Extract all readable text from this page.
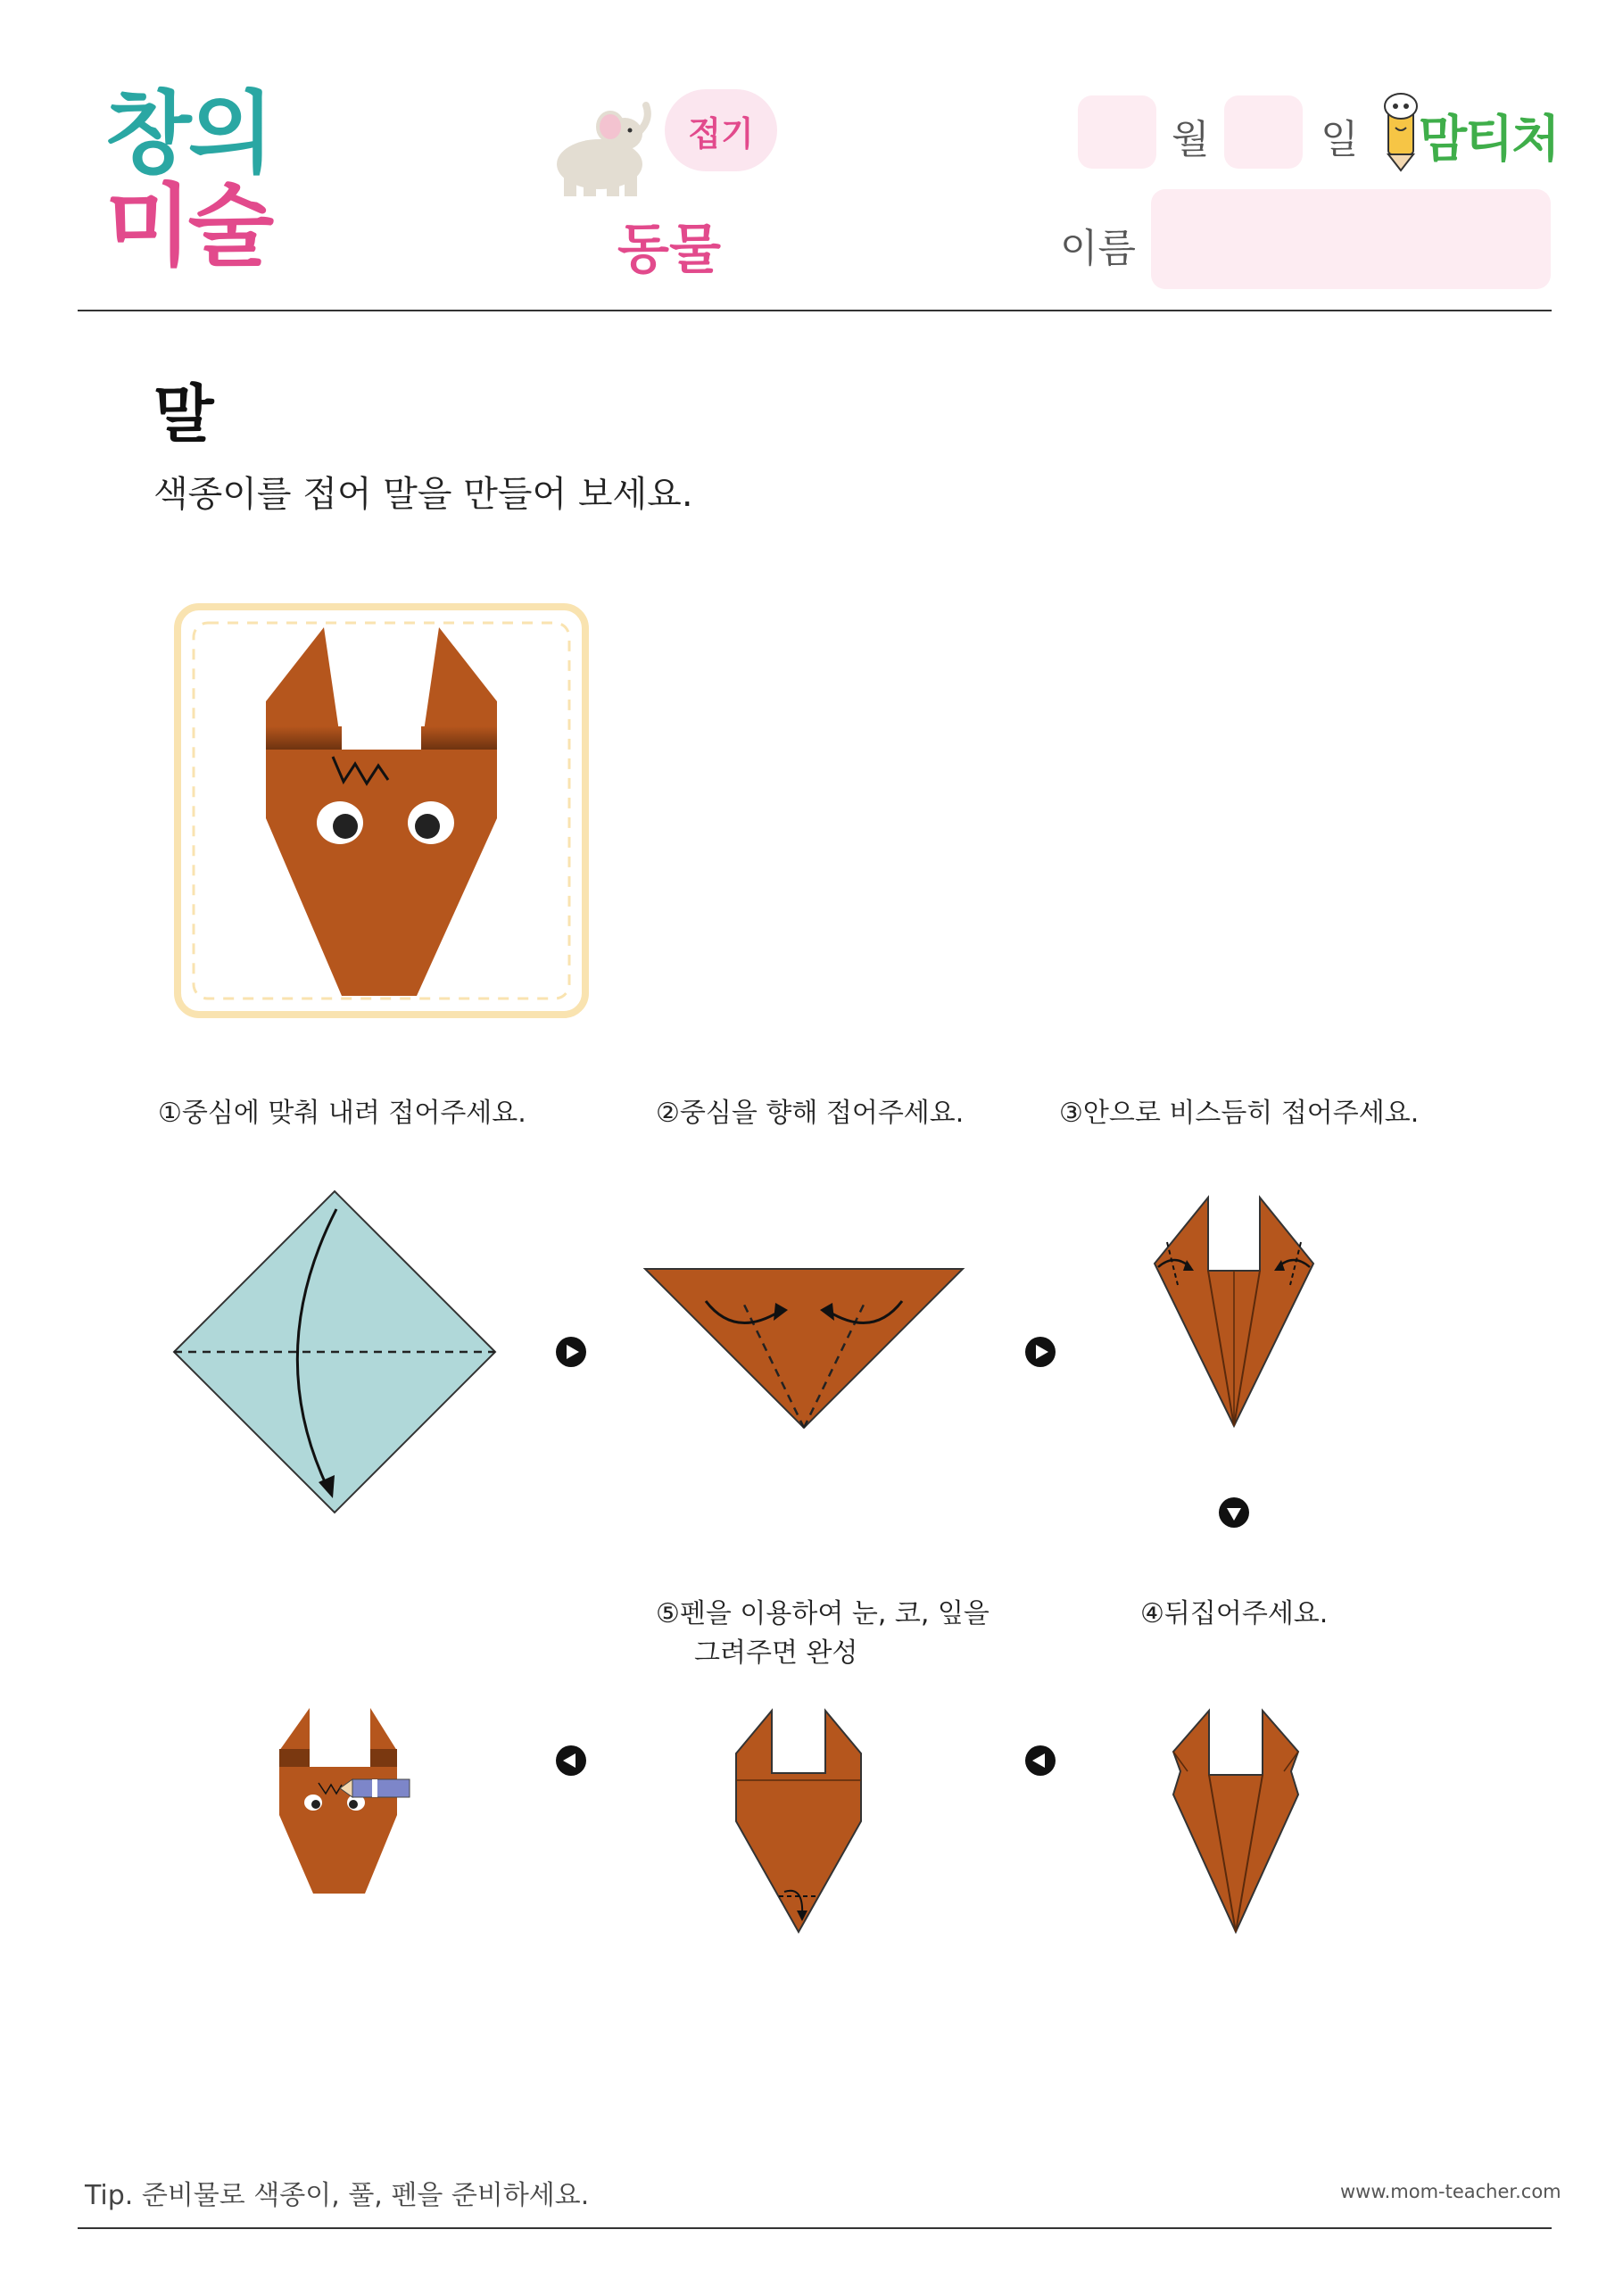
창의
미술
접기
동물
월	일 맘티처
이름
말
색종이를 접어 말을 만들어 보세요.
①중심에 맞춰 내려 접어주세요.	②중심을 향해 접어주세요.	③안으로 비스듬히 접어주세요.
⑤펜을 이용하여 눈, 코, 잎을
그려주면 완성
④뒤집어주세요.
Tip. 준비물로 색종이, 풀, 펜을 준비하세요.	www.mom-teacher.com
